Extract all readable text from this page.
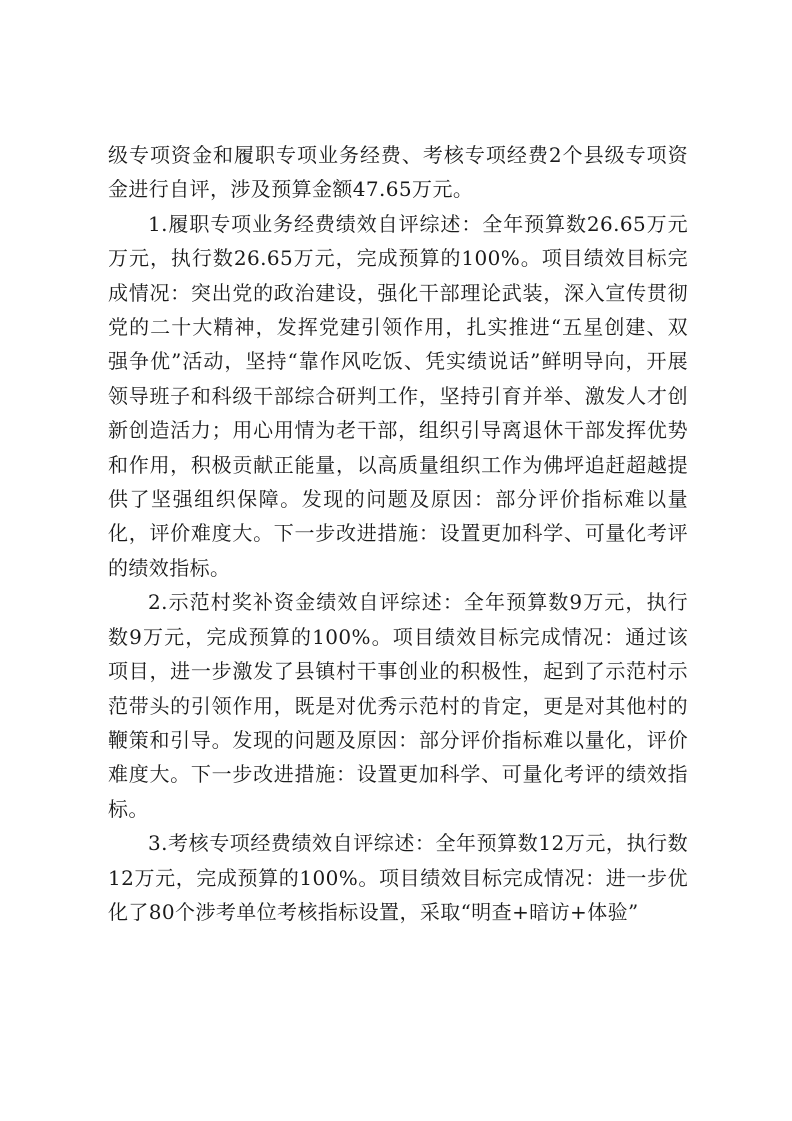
级专项资金和履职专项业务经费、考核专项经费2个县级专项资金进行自评，涉及预算金额47.65万元。

1.履职专项业务经费绩效自评综述：全年预算数26.65万元万元，执行数26.65万元，完成预算的100%。项目绩效目标完成情况：突出党的政治建设，强化干部理论武装，深入宣传贯彻党的二十大精神，发挥党建引领作用，扎实推进“五星创建、双强争优”活动，坚持“靠作风吃饭、凭实绩说话”鲜明导向，开展领导班子和科级干部综合研判工作，坚持引育并举、激发人才创新创造活力；用心用情为老干部，组织引导离退休干部发挥优势和作用，积极贡献正能量，以高质量组织工作为佛坪追赶超越提供了坚强组织保障。发现的问题及原因：部分评价指标难以量化，评价难度大。下一步改进措施：设置更加科学、可量化考评的绩效指标。

2.示范村奖补资金绩效自评综述：全年预算数9万元，执行数9万元，完成预算的100%。项目绩效目标完成情况：通过该项目，进一步激发了县镇村干事创业的积极性，起到了示范村示范带头的引领作用，既是对优秀示范村的肯定，更是对其他村的鞭策和引导。发现的问题及原因：部分评价指标难以量化，评价难度大。下一步改进措施：设置更加科学、可量化考评的绩效指标。

3.考核专项经费绩效自评综述：全年预算数12万元，执行数12万元，完成预算的100%。项目绩效目标完成情况：进一步优化了80个涉考单位考核指标设置，采取“明查+暗访+体验”
